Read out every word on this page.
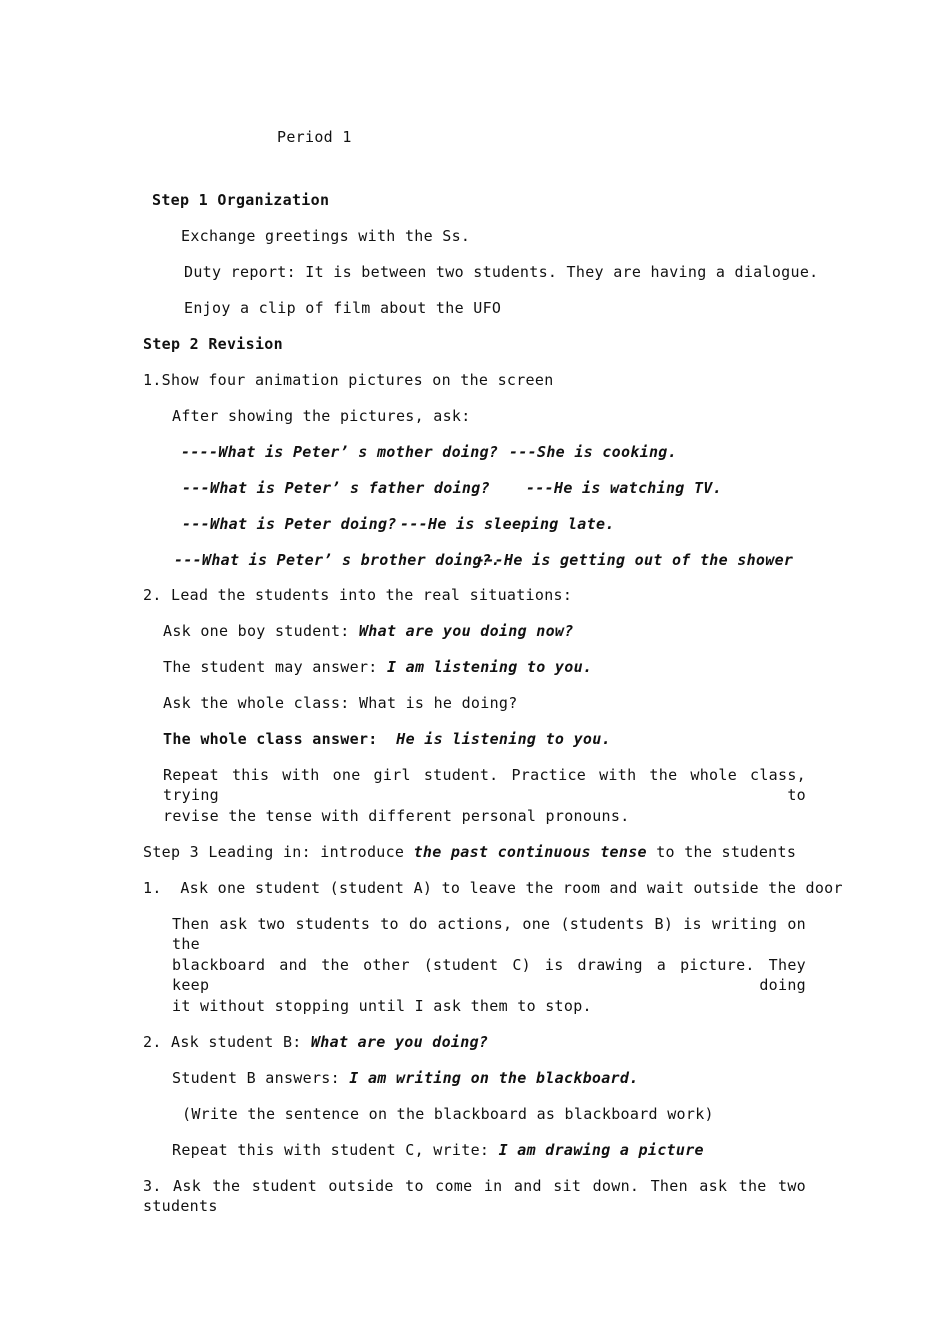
Period 1
Step 1 Organization
Exchange greetings with the Ss.
Duty report: It is between two students. They are having a dialogue.
Enjoy a clip of film about the UFO
Step 2 Revision
1.Show four animation pictures on the screen
After showing the pictures, ask:
----What is Peter’ s mother doing? ---She is cooking.
---What is Peter’ s father doing? ---He is watching TV.
---What is Peter doing? ---He is sleeping late.
---What is Peter’ s brother doing?.
---He is getting out of the shower
2. Lead the students into the real situations:
Ask one boy student: What are you doing now?
The student may answer: I am listening to you.
Ask the whole class: What is he doing?
The whole class answer:  He is listening to you.
Repeat this with one girl student. Practice with the whole class, trying to
revise the tense with different personal pronouns.
Step 3 Leading in: introduce the past continuous tense to the students
1.  Ask one student (student A) to leave the room and wait outside the door
Then ask two students to do actions, one (students B) is writing on the
blackboard and the other (student C) is drawing a picture. They keep doing
it without stopping until I ask them to stop.
2. Ask student B: What are you doing?
Student B answers: I am writing on the blackboard.
(Write the sentence on the blackboard as blackboard work)
Repeat this with student C, write: I am drawing a picture
3. Ask the student outside to come in and sit down. Then ask the two students
